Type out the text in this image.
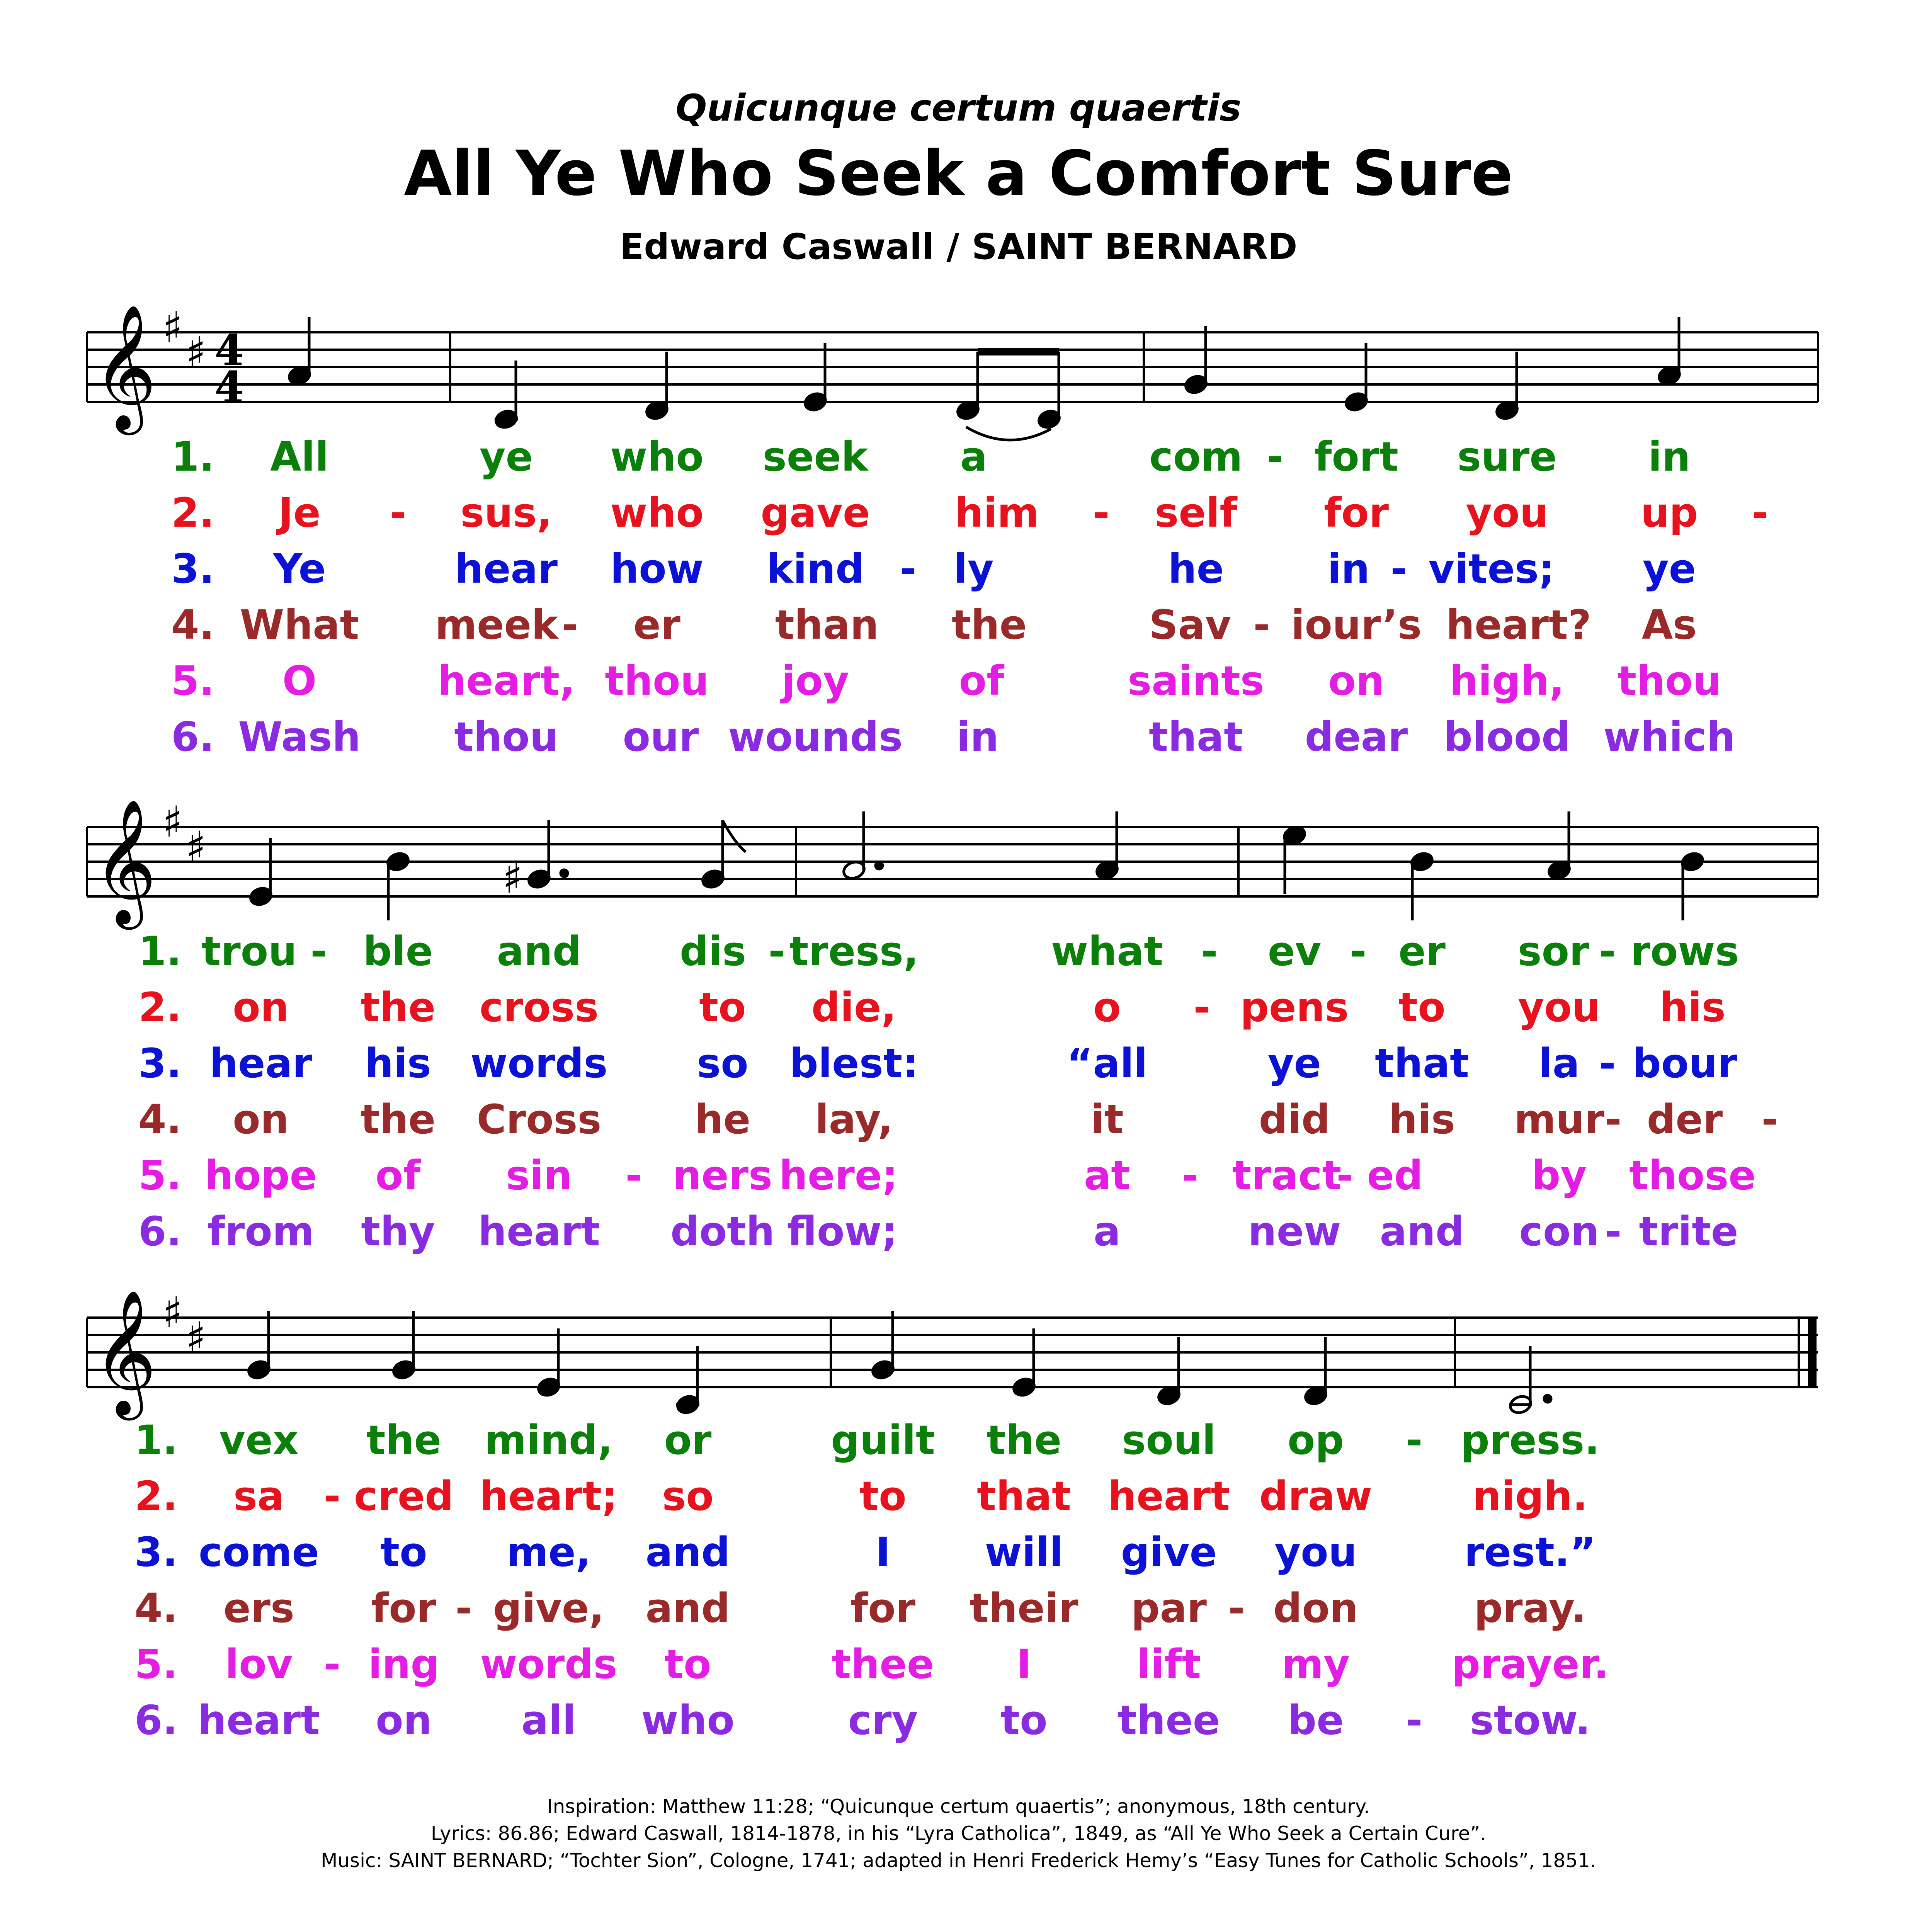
Quicunque certum quaertis
All Ye Who Seek a Comfort Sure
Edward Caswall / SAINT BERNARD
𝄞 ♯
♯ 4
4
𝄞 ♯
♯
♯
𝄞 ♯
♯
1. All	ye who seek a	com - fort sure in
2. Je - sus, who gave him - self for you up -
3. Ye	hear how kind - ly	he	in - vites; ye
4. What meek - er than the	Sav - iour’s heart? As
5. O	heart, thou joy	of	saints on high, thou
6. Wash thou our wounds in	that dear blood which
1. trou - ble and dis - tress,	what - ev - er sor - rows
2. on the cross	to die,	o - pens to you his
3. hear his words so blest:	“all	ye that la - bour
4. on the Cross he lay,	it	did his mur - der -
5. hope of sin - ners here;	at - tract
- ed	by those
6. from thy heart doth flow;	a	new and con - trite
1. vex the mind, or	guilt the soul op - press.
2. sa - cred heart; so	to that heart draw	nigh.
3. come to me, and	I will give you	rest.”
4. ers for - give, and	for their par - don	pray.
5. lov - ing words to	thee I	lift my	prayer.
6. heart on all who	cry to thee be - stow.
Inspiration: Matthew 11:28; “Quicunque certum quaertis”; anonymous, 18th century.
Lyrics: 86.86; Edward Caswall, 1814-1878, in his “Lyra Catholica”, 1849, as “All Ye Who Seek a Certain Cure”.
Music: SAINT BERNARD; “Tochter Sion”, Cologne, 1741; adapted in Henri Frederick Hemy’s “Easy Tunes for Catholic Schools”, 1851.
